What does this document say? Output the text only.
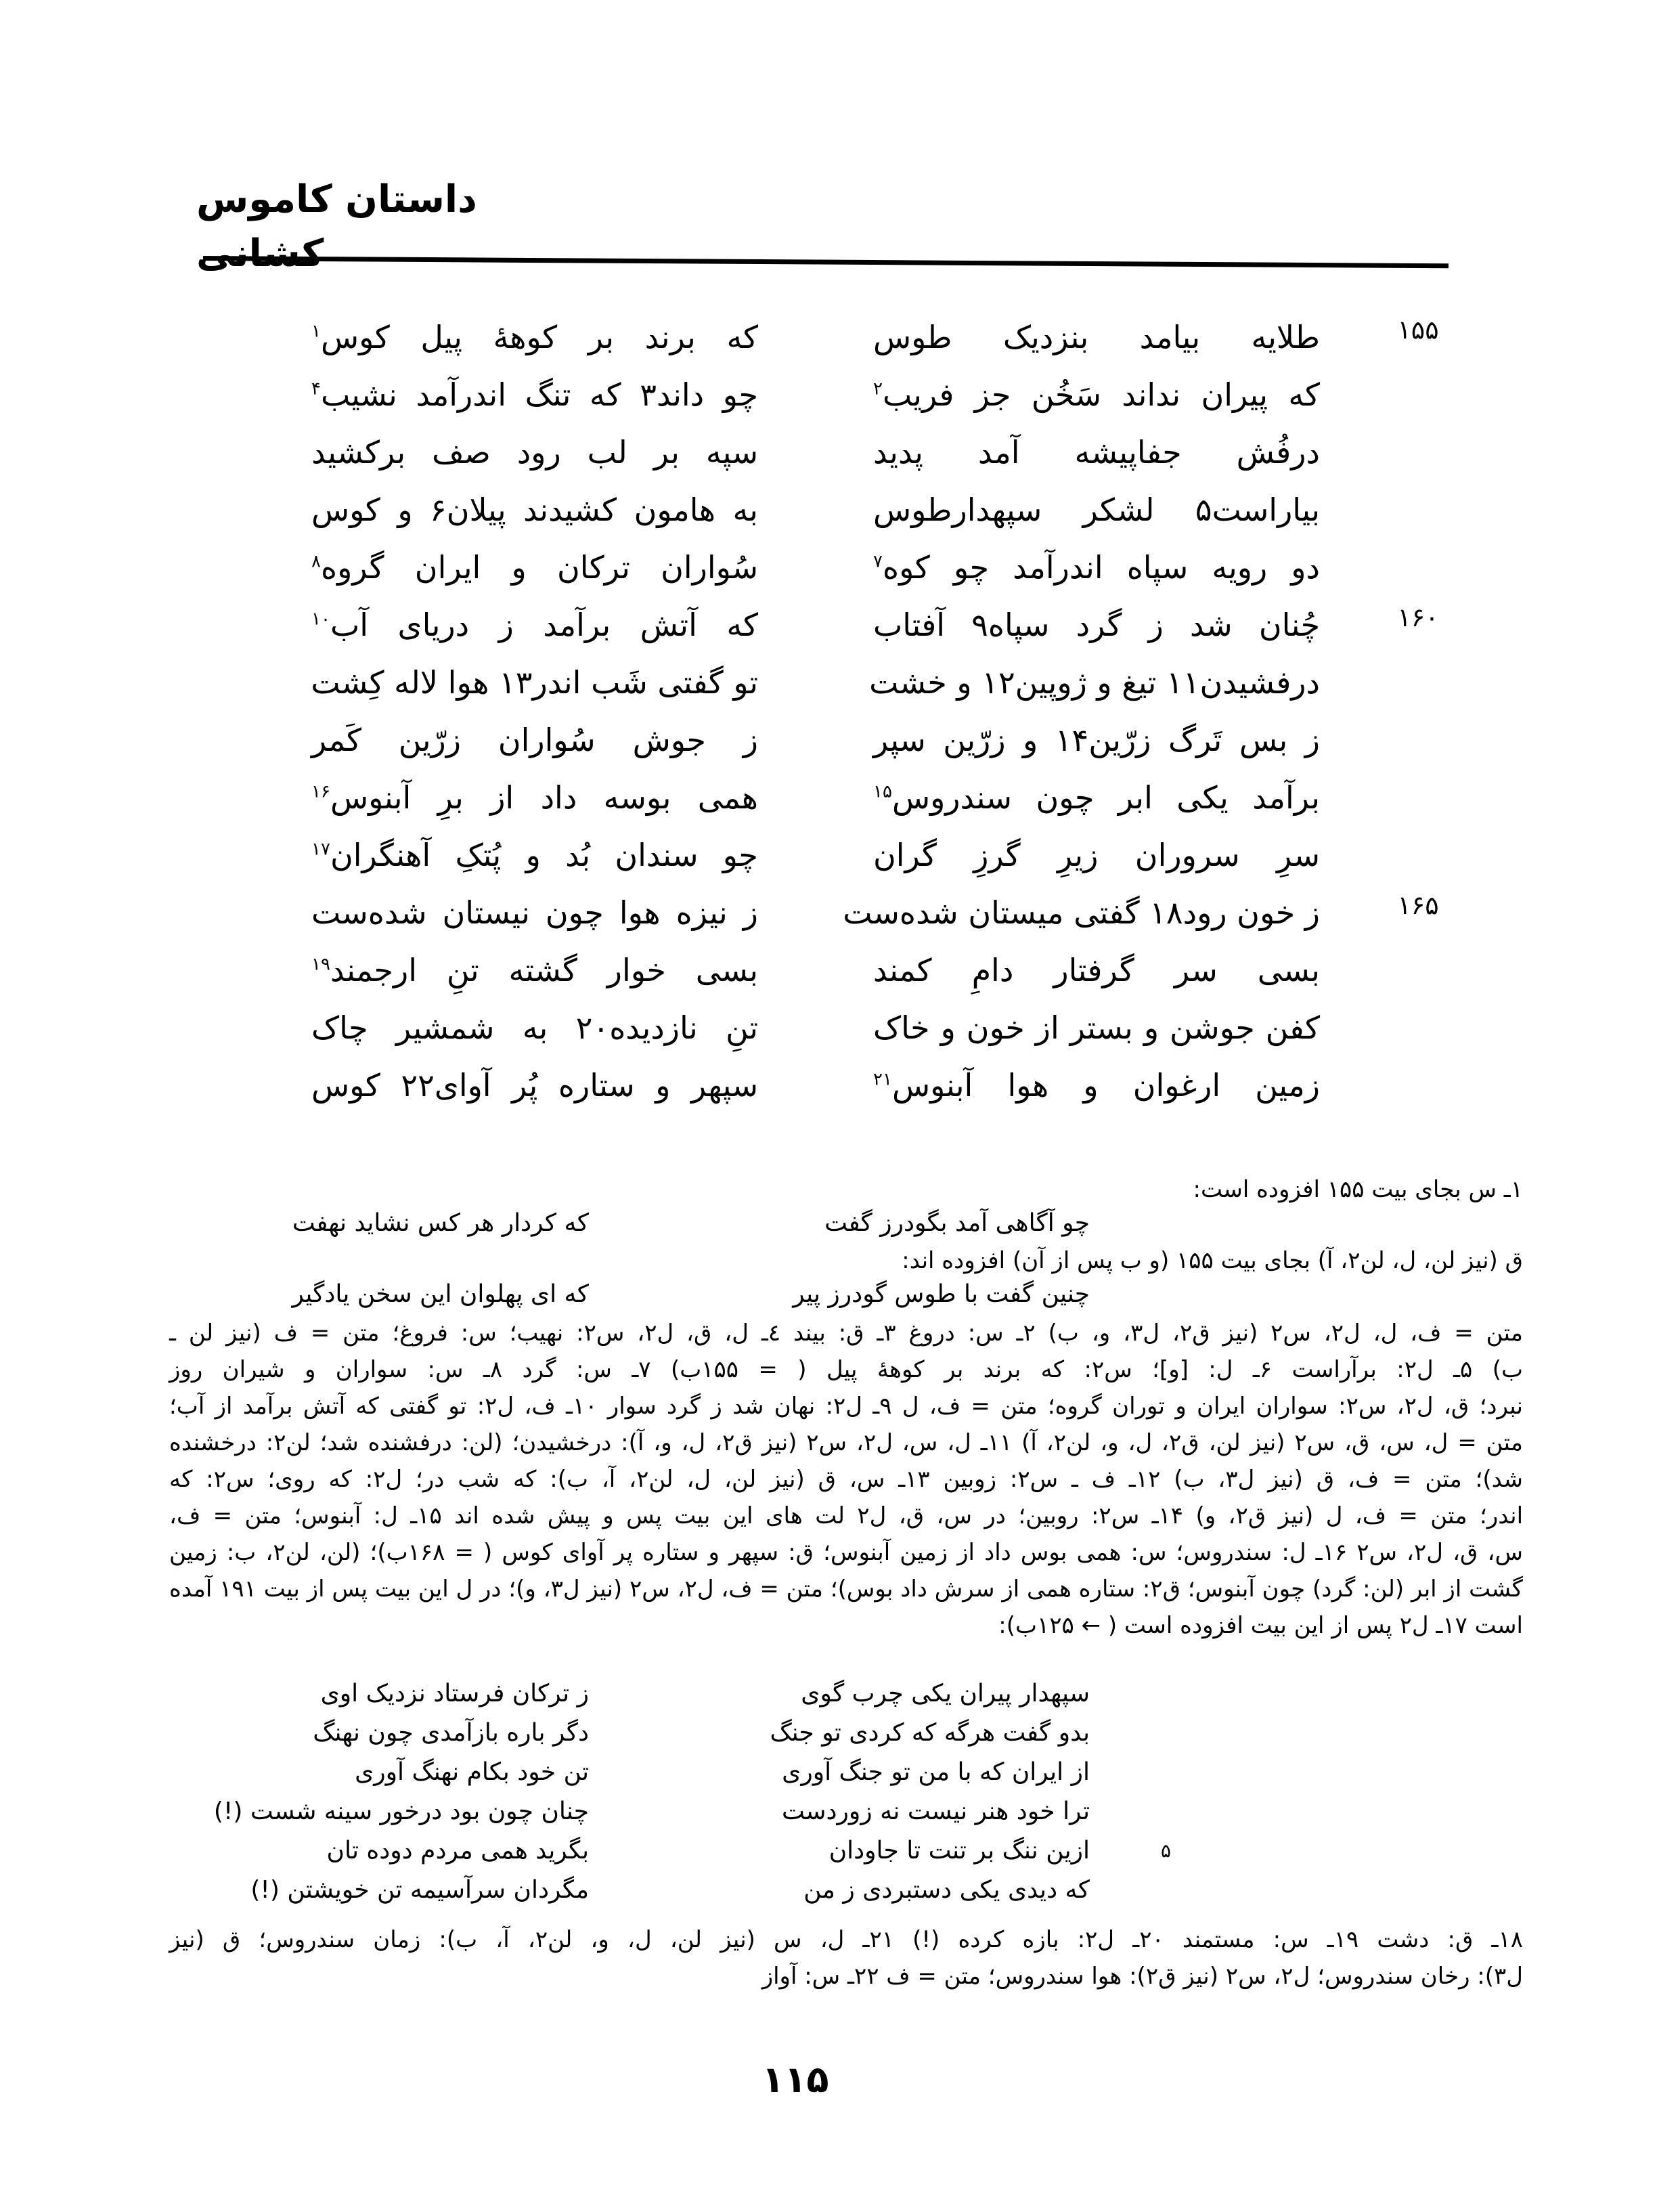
داستان کاموس کشانی
۱۵۵
طلایه بیامد بنزدیک طوس
که برند بر کوههٔ پیل کوس$^۱$
که پیران نداند سَخُن جز فریب$^۲$
چو داند۳ که تنگ اندرآمد نشیب$^۴$
درفُش جفاپیشه آمد پدید
سپه بر لب رود صف برکشید
بیاراست۵ لشکر سپهدارطوس
به هامون کشیدند پیلان۶ و کوس
دو رویه سپاه اندرآمد چو کوه$^۷$
سُواران ترکان و ایران گروه$^۸$
۱۶۰
چُنان شد ز گرد سپاه۹ آفتاب
که آتش برآمد ز دریای آب$^{۱۰}$
درفشیدن۱۱ تیغ و ژوپین۱۲ و خشت
تو گفتی شَب اندر۱۳ هوا لاله کِشت
ز بس تَرگ زرّین۱۴ و زرّین سپر
ز جوش سُواران زرّین کَمر
برآمد یکی ابر چون سندروس$^{۱۵}$
همی بوسه داد از برِ آبنوس$^{۱۶}$
سرِ سروران زیرِ گرزِ گران
چو سندان بُد و پُتکِ آهنگران$^{۱۷}$
۱۶۵
ز خون رود۱۸ گفتی میستان شده‌ست
ز نیزه هوا چون نیستان شده‌ست
بسی سر گرفتار دامِ کمند
بسی خوار گشته تنِ ارجمند$^{۱۹}$
کفن جوشن و بستر از خون و خاک
تنِ نازدیده۲۰ به شمشیر چاک
زمین ارغوان و هوا آبنوس$^{۲۱}$
سپهر و ستاره پُر آوای۲۲ کوس
۱ـ س بجای بیت ۱۵۵ افزوده است:
چو آگاهی آمد بگودرز گفت
که کردار هر کس نشاید نهفت
ق (نیز لن، ل، لن۲، آ) بجای بیت ۱۵۵ (و ب پس از آن) افزوده اند:
چنین گفت با طوس گودرز پیر
که ای پهلوان این سخن یادگیر
متن = ف، ل، ل۲، س۲ (نیز ق۲، ل۳، و، ب) ۲ـ س: دروغ ۳ـ ق: بیند ٤ـ ل، ق، ل۲، س۲: نهیب؛ س: فروغ؛ متن = ف (نیز لن ـ
ب) ۵ـ ل۲: برآراست ۶ـ ل: [و]؛ س۲: که برند بر کوههٔ پیل ( = ۱۵۵ب) ۷ـ س: گرد ۸ـ س: سواران و شیران روز
نبرد؛ ق، ل۲، س۲: سواران ایران و توران گروه؛ متن = ف، ل ۹ـ ل۲: نهان شد ز گرد سوار ۱۰ـ ف، ل۲: تو گفتی که آتش برآمد از آب؛
متن = ل، س، ق، س۲ (نیز لن، ق۲، ل، و، لن۲، آ) ۱۱ـ ل، س، ل۲، س۲ (نیز ق۲، ل، و، آ): درخشیدن؛ (لن: درفشنده شد؛ لن۲: درخشنده
شد)؛ متن = ف، ق (نیز ل۳، ب) ۱۲ـ ف ـ س۲: زوبین ۱۳ـ س، ق (نیز لن، ل، لن۲، آ، ب): که شب در؛ ل۲: که روی؛ س۲: که
اندر؛ متن = ف، ل (نیز ق۲، و) ۱۴ـ س۲: روبین؛ در س، ق، ل۲ لت های این بیت پس و پیش شده اند ۱۵ـ ل: آبنوس؛ متن = ف،
س، ق، ل۲، س۲ ۱۶ـ ل: سندروس؛ س: همی بوس داد از زمین آبنوس؛ ق: سپهر و ستاره پر آوای کوس ( = ۱۶۸ب)؛ (لن، لن۲، ب: زمین
گشت از ابر (لن: گرد) چون آبنوس؛ ق۲: ستاره همی از سرش داد بوس)؛ متن = ف، ل۲، س۲ (نیز ل۳، و)؛ در ل این بیت پس از بیت ۱۹۱ آمده
است ۱۷ـ ل۲ پس از این بیت افزوده است ( ← ۱۲۵ب):
سپهدار پیران یکی چرب گوی
ز ترکان فرستاد نزدیک اوی
بدو گفت هرگه که کردی تو جنگ
دگر باره بازآمدی چون نهنگ
از ایران که با من تو جنگ آوری
تن خود بکام نهنگ آوری
ترا خود هنر نیست نه زوردست
چنان چون بود درخور سینه شست (!)
ازین ننگ بر تنت تا جاودان
بگرید همی مردم دوده تان	۵
که دیدی یکی دستبردی ز من
مگردان سرآسیمه تن خویشتن (!)
۱۸ـ ق: دشت ۱۹ـ س: مستمند ۲۰ـ ل۲: بازه کرده (!) ۲۱ـ ل، س (نیز لن، ل، و، لن۲، آ، ب): زمان سندروس؛ ق (نیز
ل۳): رخان سندروس؛ ل۲، س۲ (نیز ق۲): هوا سندروس؛ متن = ف ۲۲ـ س: آواز
۱۱۵
